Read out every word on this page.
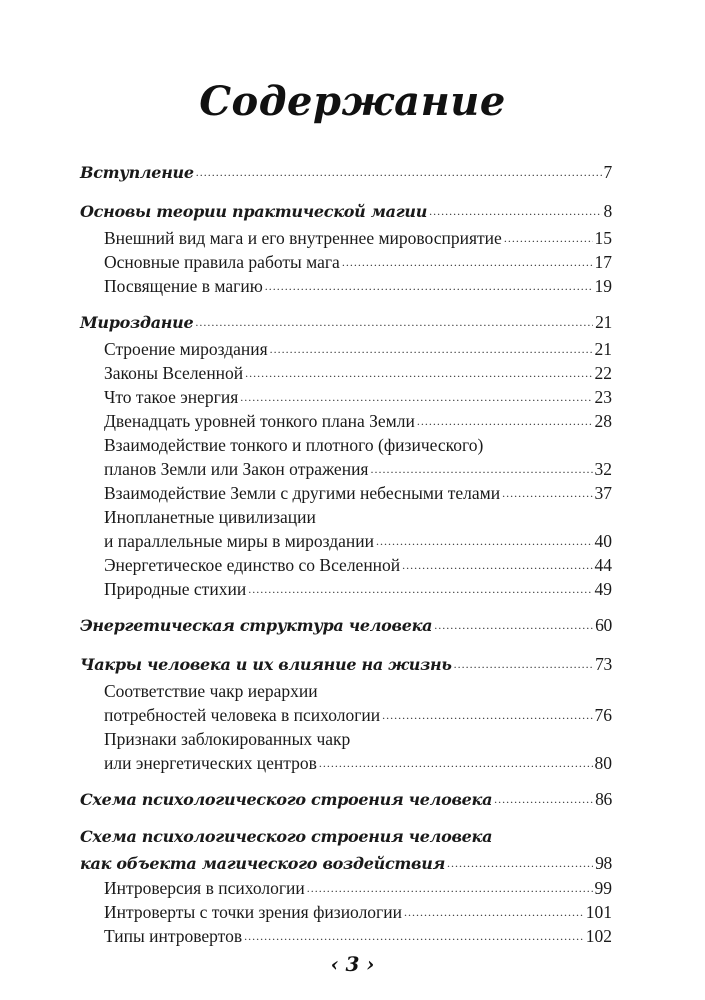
Содержание
Вступление .....	7
Основы теории практической магии .....	8
Внешний вид мага и его внутреннее мировосприятие .....	15
Основные правила работы мага .....	17
Посвящение в магию .....	19
Мироздание .....	21
Строение мироздания .....	21
Законы Вселенной .....	22
Что такое энергия .....	23
Двенадцать уровней тонкого плана Земли .....	28
Взаимодействие тонкого и плотного (физического)
планов Земли или Закон отражения .....	32
Взаимодействие Земли с другими небесными телами .....	37
Инопланетные цивилизации
и параллельные миры в мироздании .....	40
Энергетическое единство со Вселенной .....	44
Природные стихии .....	49
Энергетическая структура человека .....	60
Чакры человека и их влияние на жизнь .....	73
Соответствие чакр иерархии
потребностей человека в психологии .....	76
Признаки заблокированных чакр
или энергетических центров .....	80
Схема психологического строения человека .....	86
Схема психологического строения человека
как объекта магического воздействия .....	98
Интроверсия в психологии .....	99
Интроверты с точки зрения физиологии .....	101
Типы интровертов .....	102
‹ 3 ›
